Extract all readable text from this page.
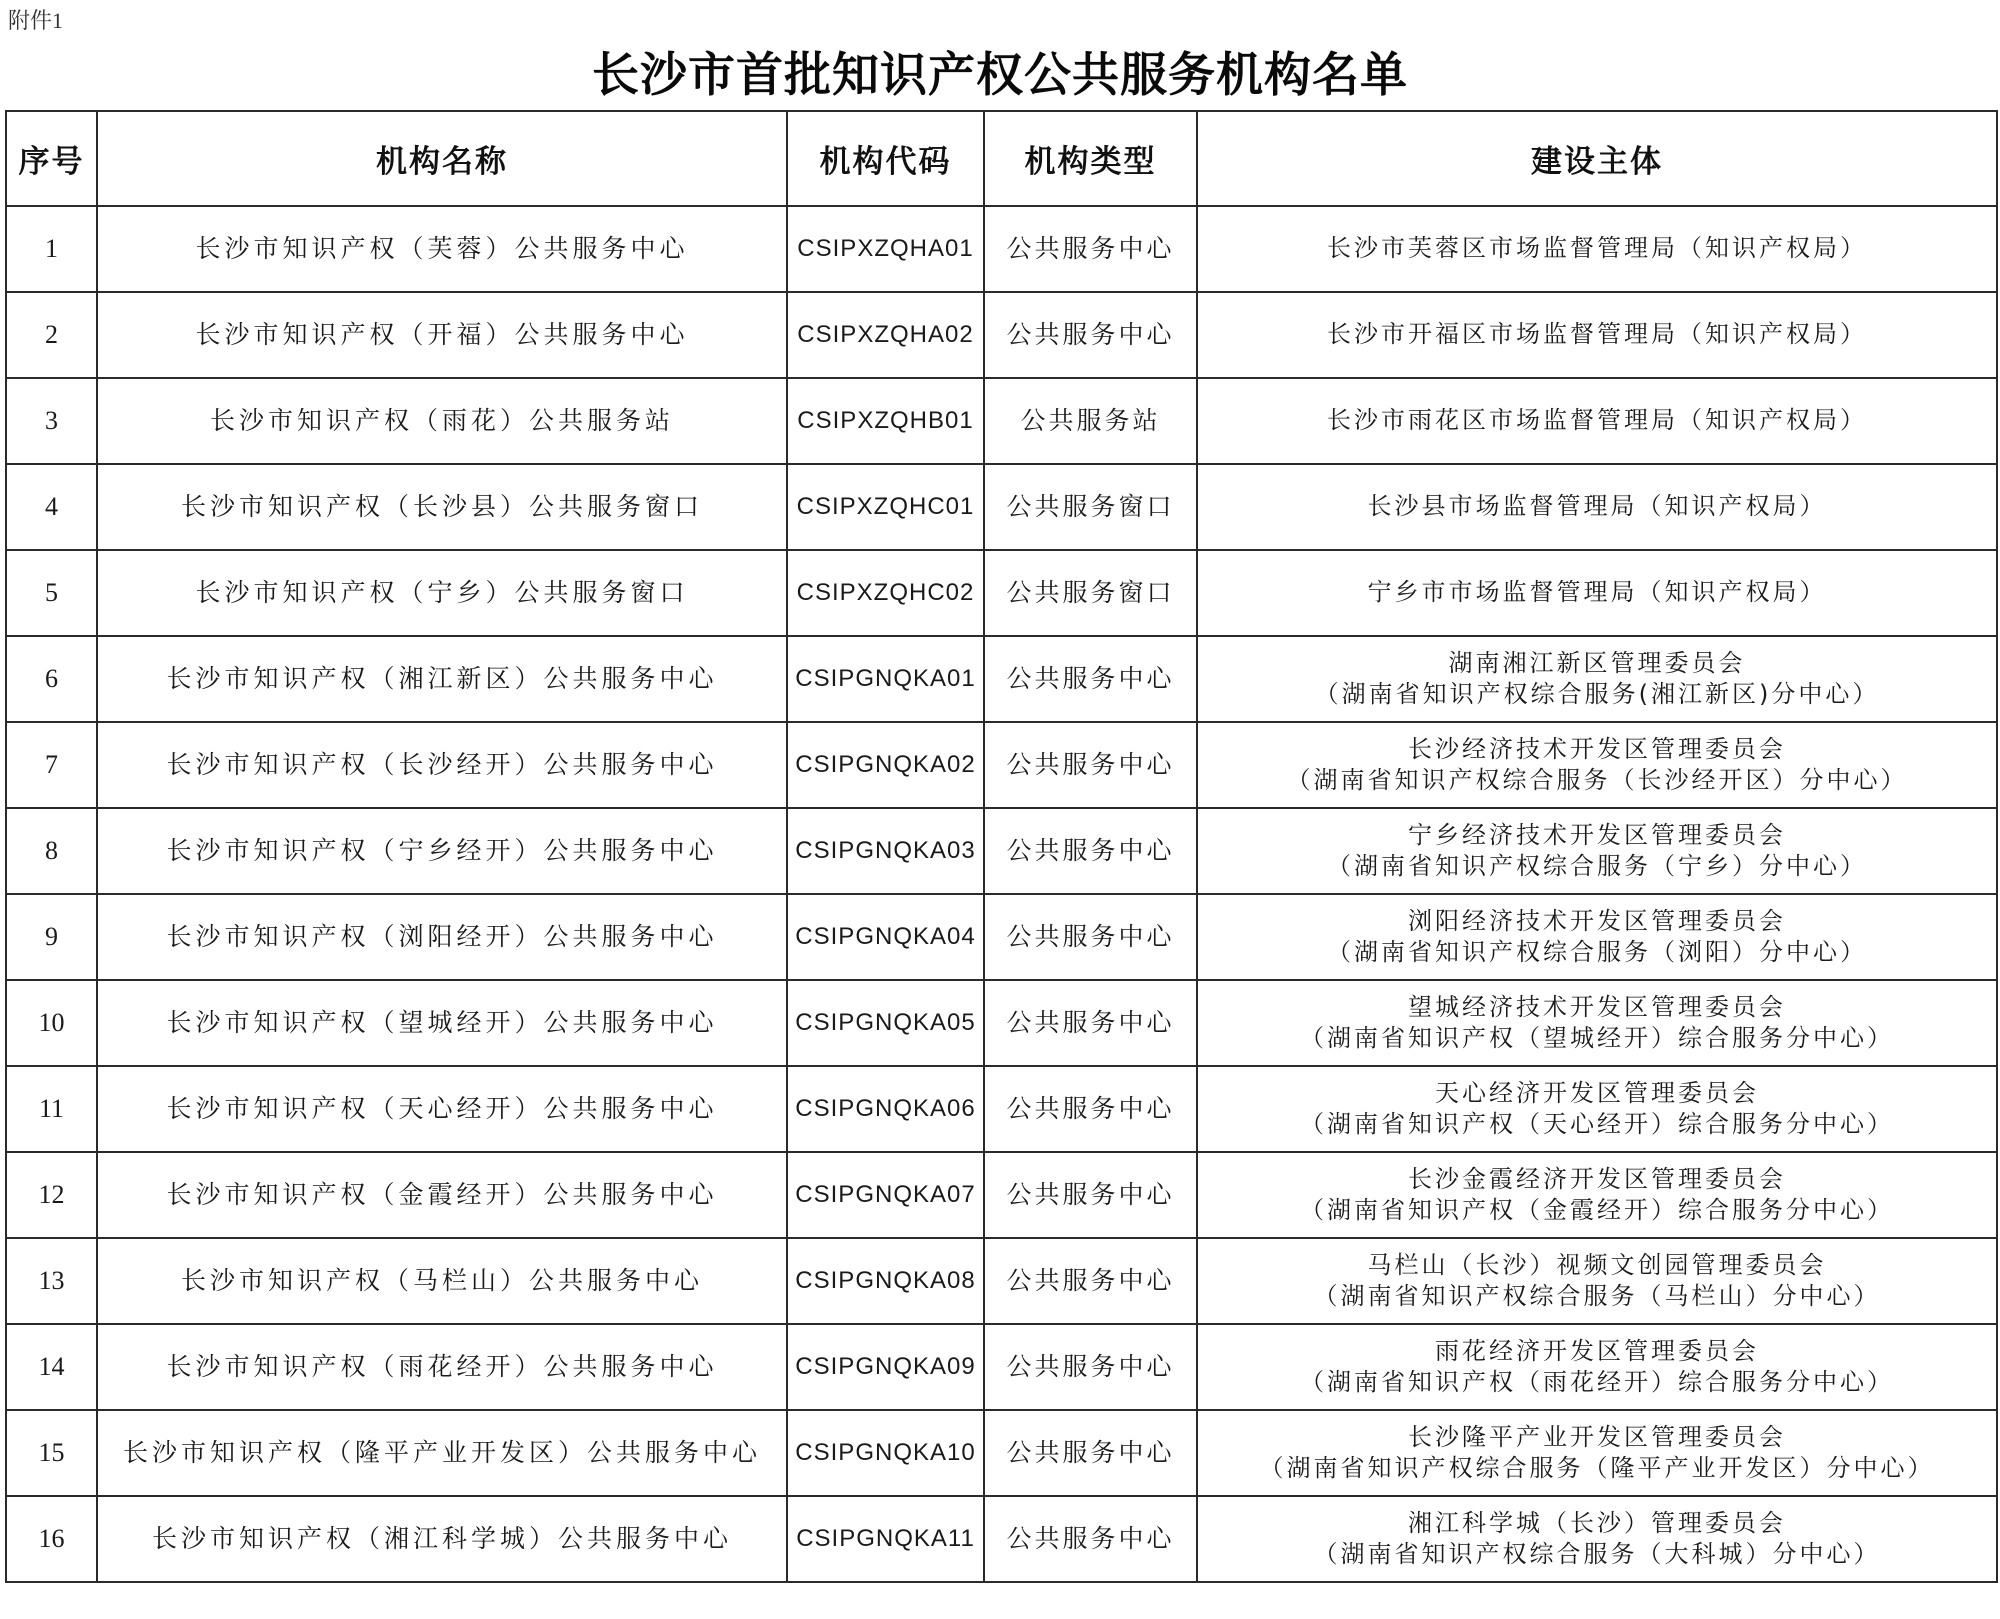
附件1
长沙市首批知识产权公共服务机构名单
序号	机构名称	机构代码	机构类型	建设主体
1	长沙市知识产权（芙蓉）公共服务中心	CSIPXZQHA01	公共服务中心	长沙市芙蓉区市场监督管理局（知识产权局）

2	长沙市知识产权（开福）公共服务中心	CSIPXZQHA02	公共服务中心	长沙市开福区市场监督管理局（知识产权局）

3	长沙市知识产权（雨花）公共服务站	CSIPXZQHB01	公共服务站	长沙市雨花区市场监督管理局（知识产权局）

4	长沙市知识产权（长沙县）公共服务窗口	CSIPXZQHC01	公共服务窗口	长沙县市场监督管理局（知识产权局）

5	长沙市知识产权（宁乡）公共服务窗口	CSIPXZQHC02	公共服务窗口	宁乡市市场监督管理局（知识产权局）

6	长沙市知识产权（湘江新区）公共服务中心	CSIPGNQKA01	公共服务中心	湖南湘江新区管理委员会
（湖南省知识产权综合服务(湘江新区)分中心）

7	长沙市知识产权（长沙经开）公共服务中心	CSIPGNQKA02	公共服务中心	长沙经济技术开发区管理委员会
（湖南省知识产权综合服务（长沙经开区）分中心）

8	长沙市知识产权（宁乡经开）公共服务中心	CSIPGNQKA03	公共服务中心	宁乡经济技术开发区管理委员会
（湖南省知识产权综合服务（宁乡）分中心）

9	长沙市知识产权（浏阳经开）公共服务中心	CSIPGNQKA04	公共服务中心	浏阳经济技术开发区管理委员会
（湖南省知识产权综合服务（浏阳）分中心）

10	长沙市知识产权（望城经开）公共服务中心	CSIPGNQKA05	公共服务中心	望城经济技术开发区管理委员会
（湖南省知识产权（望城经开）综合服务分中心）

11	长沙市知识产权（天心经开）公共服务中心	CSIPGNQKA06	公共服务中心	天心经济开发区管理委员会
（湖南省知识产权（天心经开）综合服务分中心）

12	长沙市知识产权（金霞经开）公共服务中心	CSIPGNQKA07	公共服务中心	长沙金霞经济开发区管理委员会
（湖南省知识产权（金霞经开）综合服务分中心）

13	长沙市知识产权（马栏山）公共服务中心	CSIPGNQKA08	公共服务中心	马栏山（长沙）视频文创园管理委员会
（湖南省知识产权综合服务（马栏山）分中心）

14	长沙市知识产权（雨花经开）公共服务中心	CSIPGNQKA09	公共服务中心	雨花经济开发区管理委员会
（湖南省知识产权（雨花经开）综合服务分中心）

15	长沙市知识产权（隆平产业开发区）公共服务中心	CSIPGNQKA10	公共服务中心	长沙隆平产业开发区管理委员会
（湖南省知识产权综合服务（隆平产业开发区）分中心）

16	长沙市知识产权（湘江科学城）公共服务中心	CSIPGNQKA11	公共服务中心	湘江科学城（长沙）管理委员会
（湖南省知识产权综合服务（大科城）分中心）
